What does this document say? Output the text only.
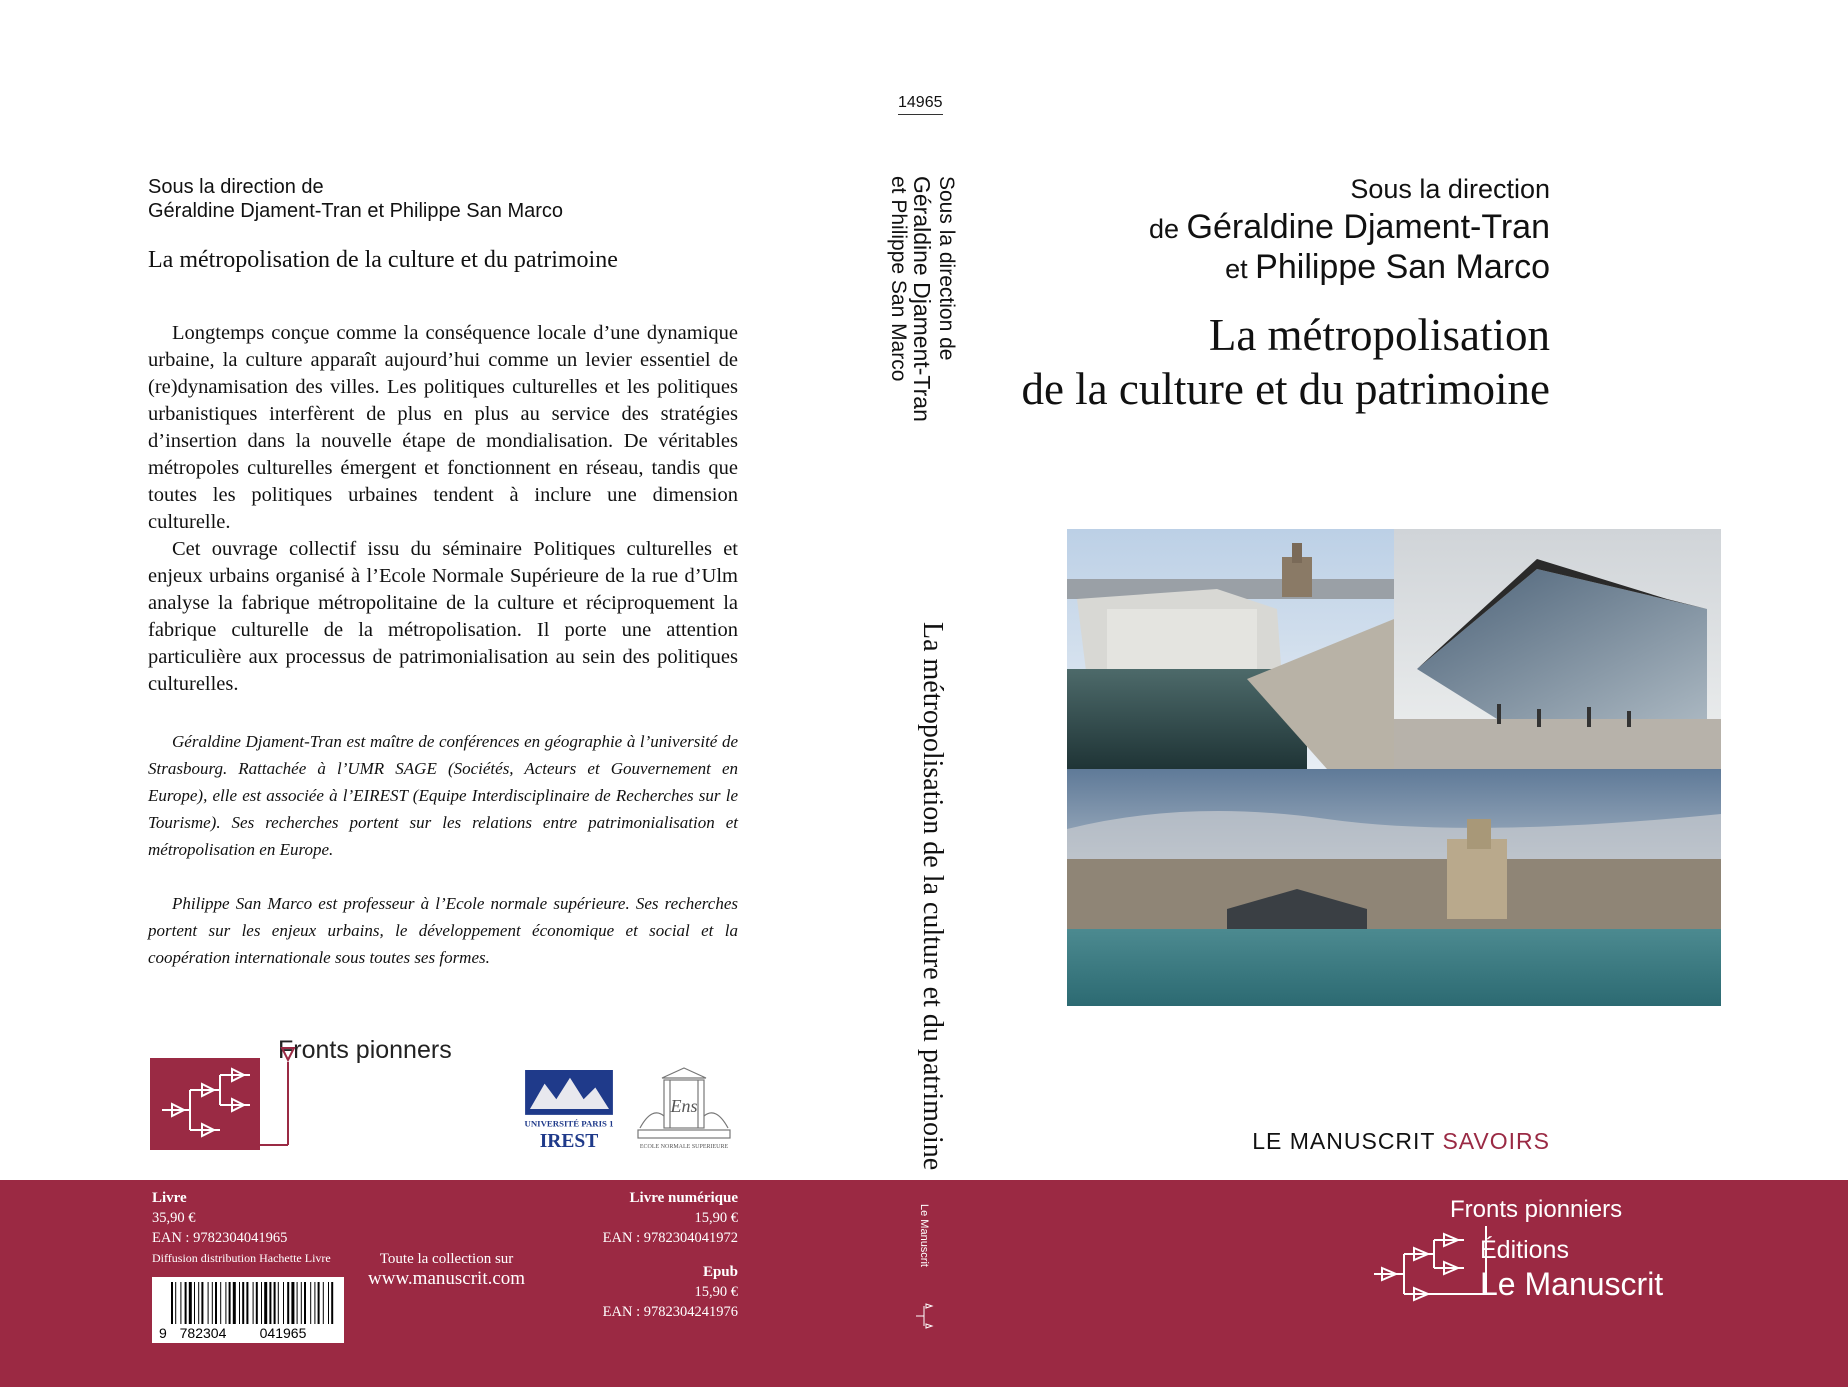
Sous la direction de
Géraldine Djament-Tran et Philippe San Marco
La métropolisation de la culture et du patrimoine

Longtemps conçue comme la conséquence locale d’une dynamique urbaine, la culture apparaît aujourd’hui comme un levier essentiel de (re)dynamisation des villes. Les politiques culturelles et les politiques urbanistiques interfèrent de plus en plus au service des stratégies d’insertion dans la nouvelle étape de mondialisation. De véritables métropoles culturelles émergent et fonctionnent en réseau, tandis que toutes les politiques urbaines tendent à inclure une dimension culturelle.

Cet ouvrage collectif issu du séminaire Politiques culturelles et enjeux urbains organisé à l’Ecole Normale Supérieure de la rue d’Ulm analyse la fabrique métropolitaine de la culture et réciproquement la fabrique culturelle de la métropolisation. Il porte une attention particulière aux processus de patrimonialisation au sein des politiques culturelles.

Géraldine Djament-Tran est maître de conférences en géographie à l’université de Strasbourg. Rattachée à l’UMR SAGE (Sociétés, Acteurs et Gouvernement en Europe), elle est associée à l’EIREST (Equipe Interdisciplinaire de Recherches sur le Tourisme). Ses recherches portent sur les relations entre patrimonialisation et métropolisation en Europe.

Philippe San Marco est professeur à l’Ecole normale supérieure. Ses recherches portent sur les enjeux urbains, le développement économique et social et la coopération internationale sous toutes ses formes.

Fronts pionners
UNIVERSITÉ PARIS 1
IREST
Ens
ECOLE NORMALE SUPERIEURE
14965
Sous la direction de
Géraldine Djament-Tran
et Philippe San Marco
La métropolisation de la culture et du patrimoine
Sous la direction
de Géraldine Djament-Tran
et Philippe San Marco
La métropolisation
de la culture et du patrimoine
LE MANUSCRIT SAVOIRS
Livre
35,90 €
EAN : 9782304041965
Diffusion distribution Hachette Livre
9 782304 041965
Toute la collection sur
www.manuscrit.com
Livre numérique
15,90 €
EAN : 9782304041972
Epub
15,90 €
EAN : 9782304241976
Le Manuscrit	Fronts pionniers
Éditions
Le Manuscrit
